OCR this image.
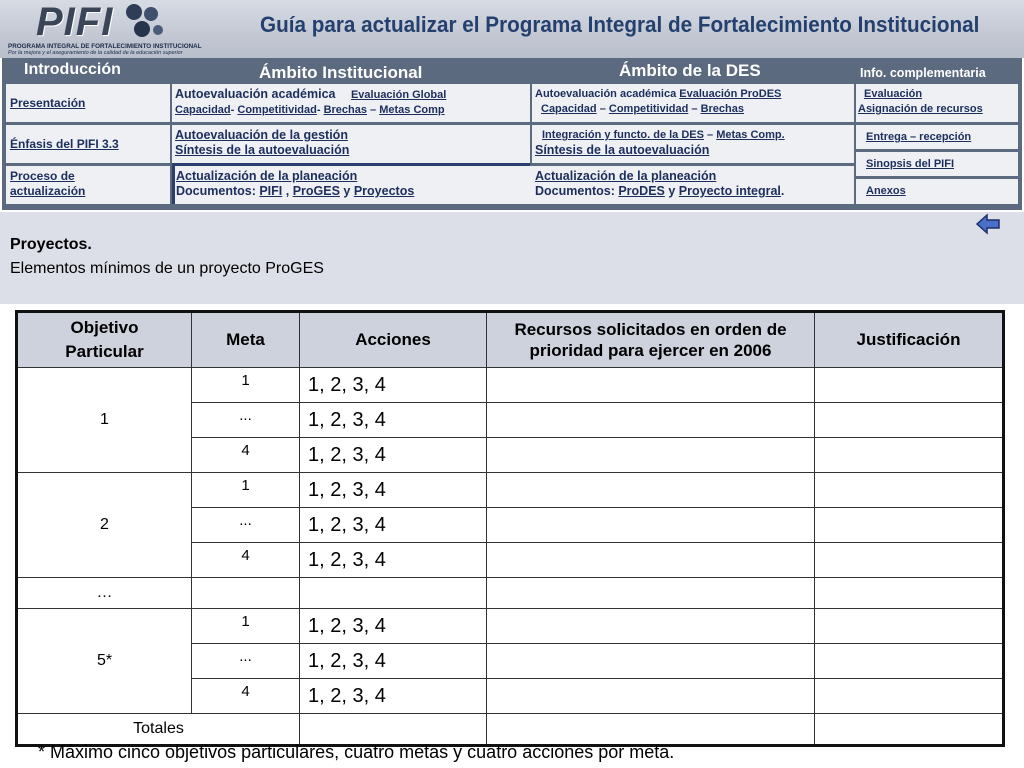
PIFI
PROGRAMA INTEGRAL DE FORTALECIMIENTO INSTITUCIONAL
Por la mejora y el aseguramiento de la calidad de la educación superior
Guía para actualizar el Programa Integral de Fortalecimiento Institucional
Introducción	Ámbito Institucional	Ámbito de la DES	Info. complementaria
Presentación
Énfasis del PIFI 3.3
Proceso de
actualización
Autoevaluación académica Evaluación Global
Capacidad- Competitividad- Brechas – Metas Comp
Autoevaluación de la gestión
Síntesis de la autoevaluación
Actualización de la planeación
Documentos: PIFI , ProGES y Proyectos
Autoevaluación académica Evaluación ProDES
Capacidad – Competitividad – Brechas
Integración y functo. de la DES – Metas Comp.
Síntesis de la autoevaluación
Actualización de la planeación
Documentos: ProDES y Proyecto integral.
Evaluación
Asignación de recursos
Entrega – recepción
Sinopsis del PIFI
Anexos
Proyectos.
Elementos mínimos de un proyecto ProGES
Objetivo
Particular	Meta	Acciones	Recursos solicitados en orden de prioridad para ejercer en 2006	Justificación
1	1	1, 2, 3, 4		
	...	1, 2, 3, 4		
	4	1, 2, 3, 4		
2	1	1, 2, 3, 4		
	...	1, 2, 3, 4		
	4	1, 2, 3, 4		
…				
5*	1	1, 2, 3, 4		
	...	1, 2, 3, 4		
	4	1, 2, 3, 4		
Totales				
* Máximo cinco objetivos particulares, cuatro metas y cuatro acciones por meta.
